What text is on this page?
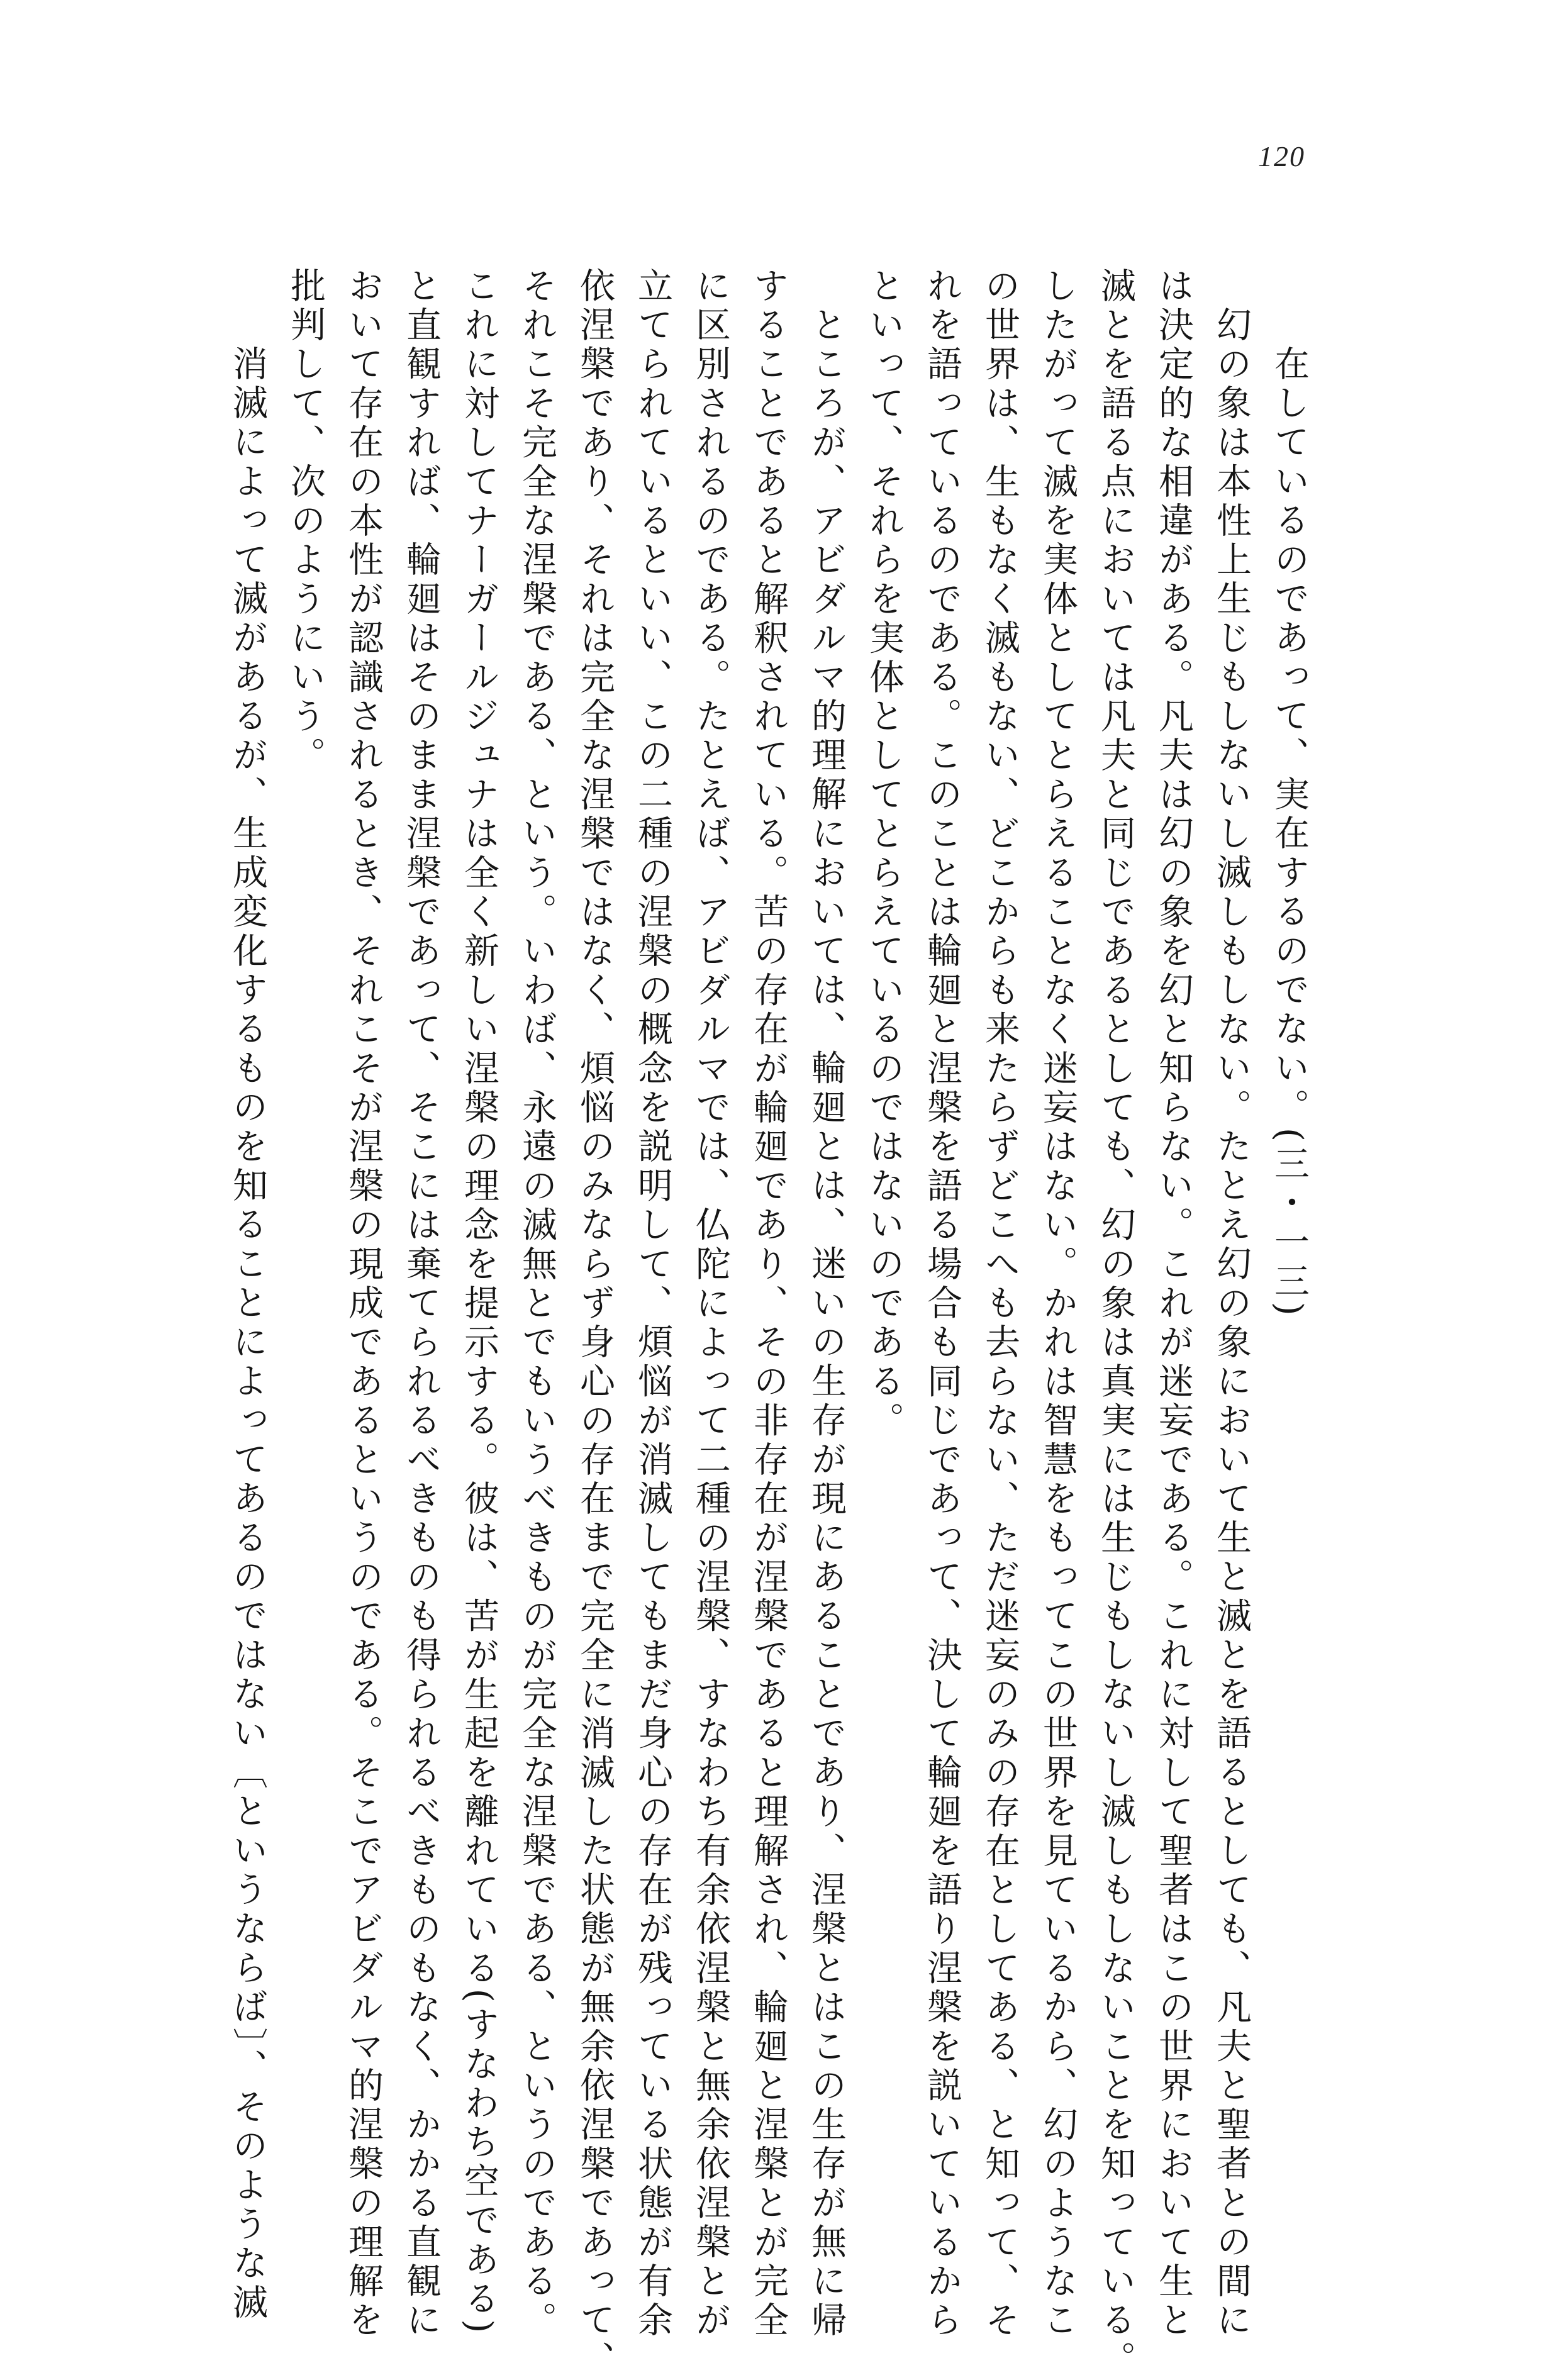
120
在しているのであって、実在するのでない。(三・一三)
幻の象は本性上生じもしないし滅しもしない。たとえ幻の象において生と滅とを語るとしても、凡夫と聖者との間に
は決定的な相違がある。凡夫は幻の象を幻と知らない。これが迷妄である。これに対して聖者はこの世界において生と
滅とを語る点においては凡夫と同じであるとしても、幻の象は真実には生じもしないし滅しもしないことを知っている。
したがって滅を実体としてとらえることなく迷妄はない。かれは智慧をもってこの世界を見ているから、幻のようなこ
の世界は、生もなく滅もない、どこからも来たらずどこへも去らない、ただ迷妄のみの存在としてある、と知って、そ
れを語っているのである。このことは輪廻と涅槃を語る場合も同じであって、決して輪廻を語り涅槃を説いているから
といって、それらを実体としてとらえているのではないのである。
ところが、アビダルマ的理解においては、輪廻とは、迷いの生存が現にあることであり、涅槃とはこの生存が無に帰
することであると解釈されている。苦の存在が輪廻であり、その非存在が涅槃であると理解され、輪廻と涅槃とが完全
に区別されるのである。たとえば、アビダルマでは、仏陀によって二種の涅槃、すなわち有余依涅槃と無余依涅槃とが
立てられているといい、この二種の涅槃の概念を説明して、煩悩が消滅してもまだ身心の存在が残っている状態が有余
依涅槃であり、それは完全な涅槃ではなく、煩悩のみならず身心の存在まで完全に消滅した状態が無余依涅槃であって、
それこそ完全な涅槃である、という。いわば、永遠の滅無とでもいうべきものが完全な涅槃である、というのである。
これに対してナーガールジュナは全く新しい涅槃の理念を提示する。彼は、苦が生起を離れている(すなわち空である)
と直観すれば、輪廻はそのまま涅槃であって、そこには棄てられるべきものも得られるべきものもなく、かかる直観に
おいて存在の本性が認識されるとき、それこそが涅槃の現成であるというのである。そこでアビダルマ的涅槃の理解を
批判して、次のようにいう。
消滅によって滅があるが、生成変化するものを知ることによってあるのではない〔というならば〕、そのような滅
